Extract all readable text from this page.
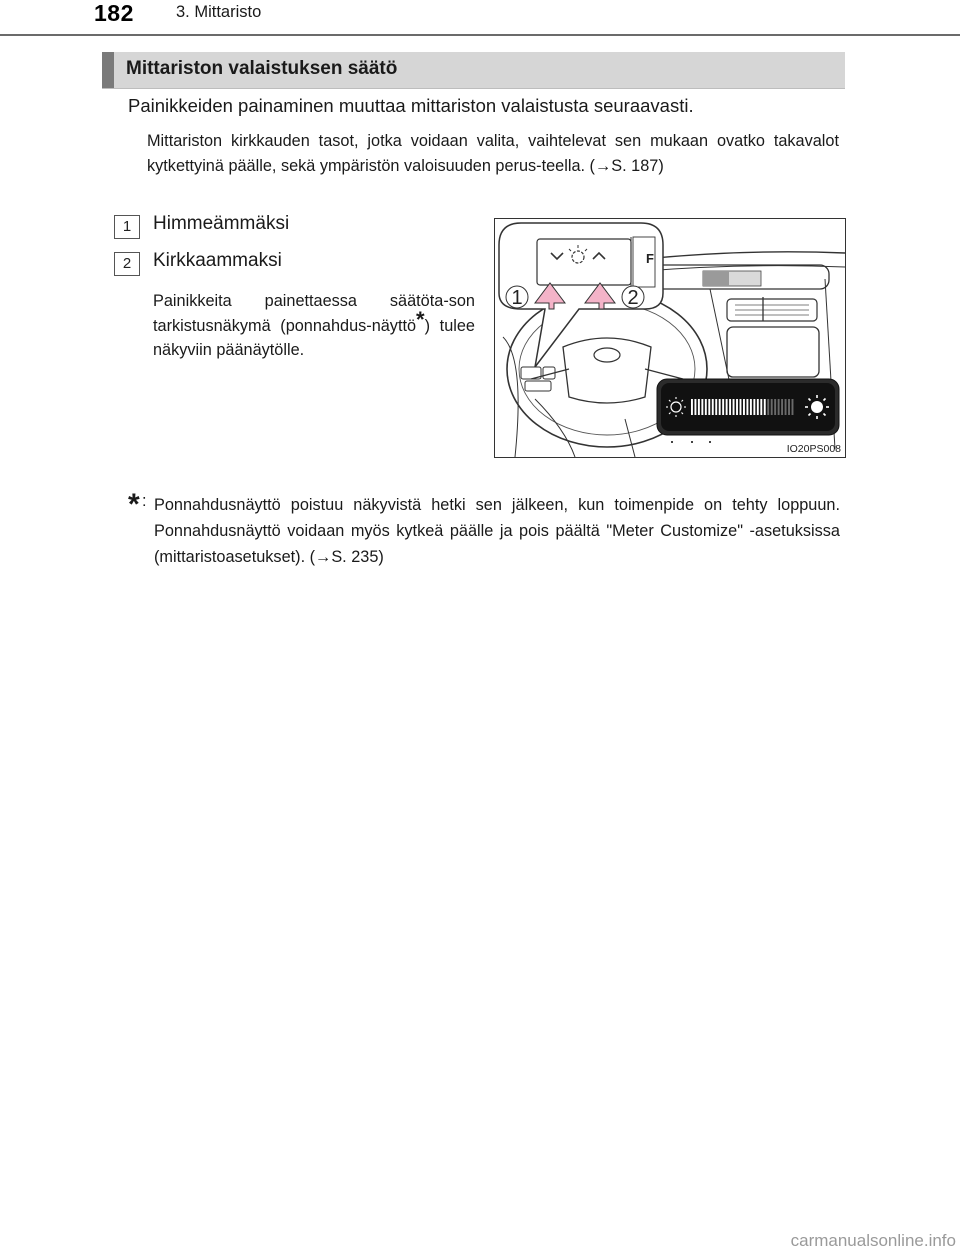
182	3. Mittaristo
Mittariston valaistuksen säätö
Painikkeiden painaminen muuttaa mittariston valaistusta seuraavasti.
Mittariston kirkkauden tasot, jotka voidaan valita, vaihtelevat sen mukaan ovatko takavalot kytkettyinä päälle, sekä ympäristön valoisuuden perus-teella. (→S. 187)
1	Himmeämmäksi
2	Kirkkaammaksi
Painikkeita painettaessa säätöta-son tarkistusnäkymä (ponnahdus-näyttö*) tulee näkyviin päänäytölle.
F
1	2
IO20PS008
* : Ponnahdusnäyttö poistuu näkyvistä hetki sen jälkeen, kun toimenpide on tehty loppuun. Ponnahdusnäyttö voidaan myös kytkeä päälle ja pois päältä "Meter Customize" -asetuksissa (mittaristoasetukset). (→S. 235)
carmanualsonline.info
